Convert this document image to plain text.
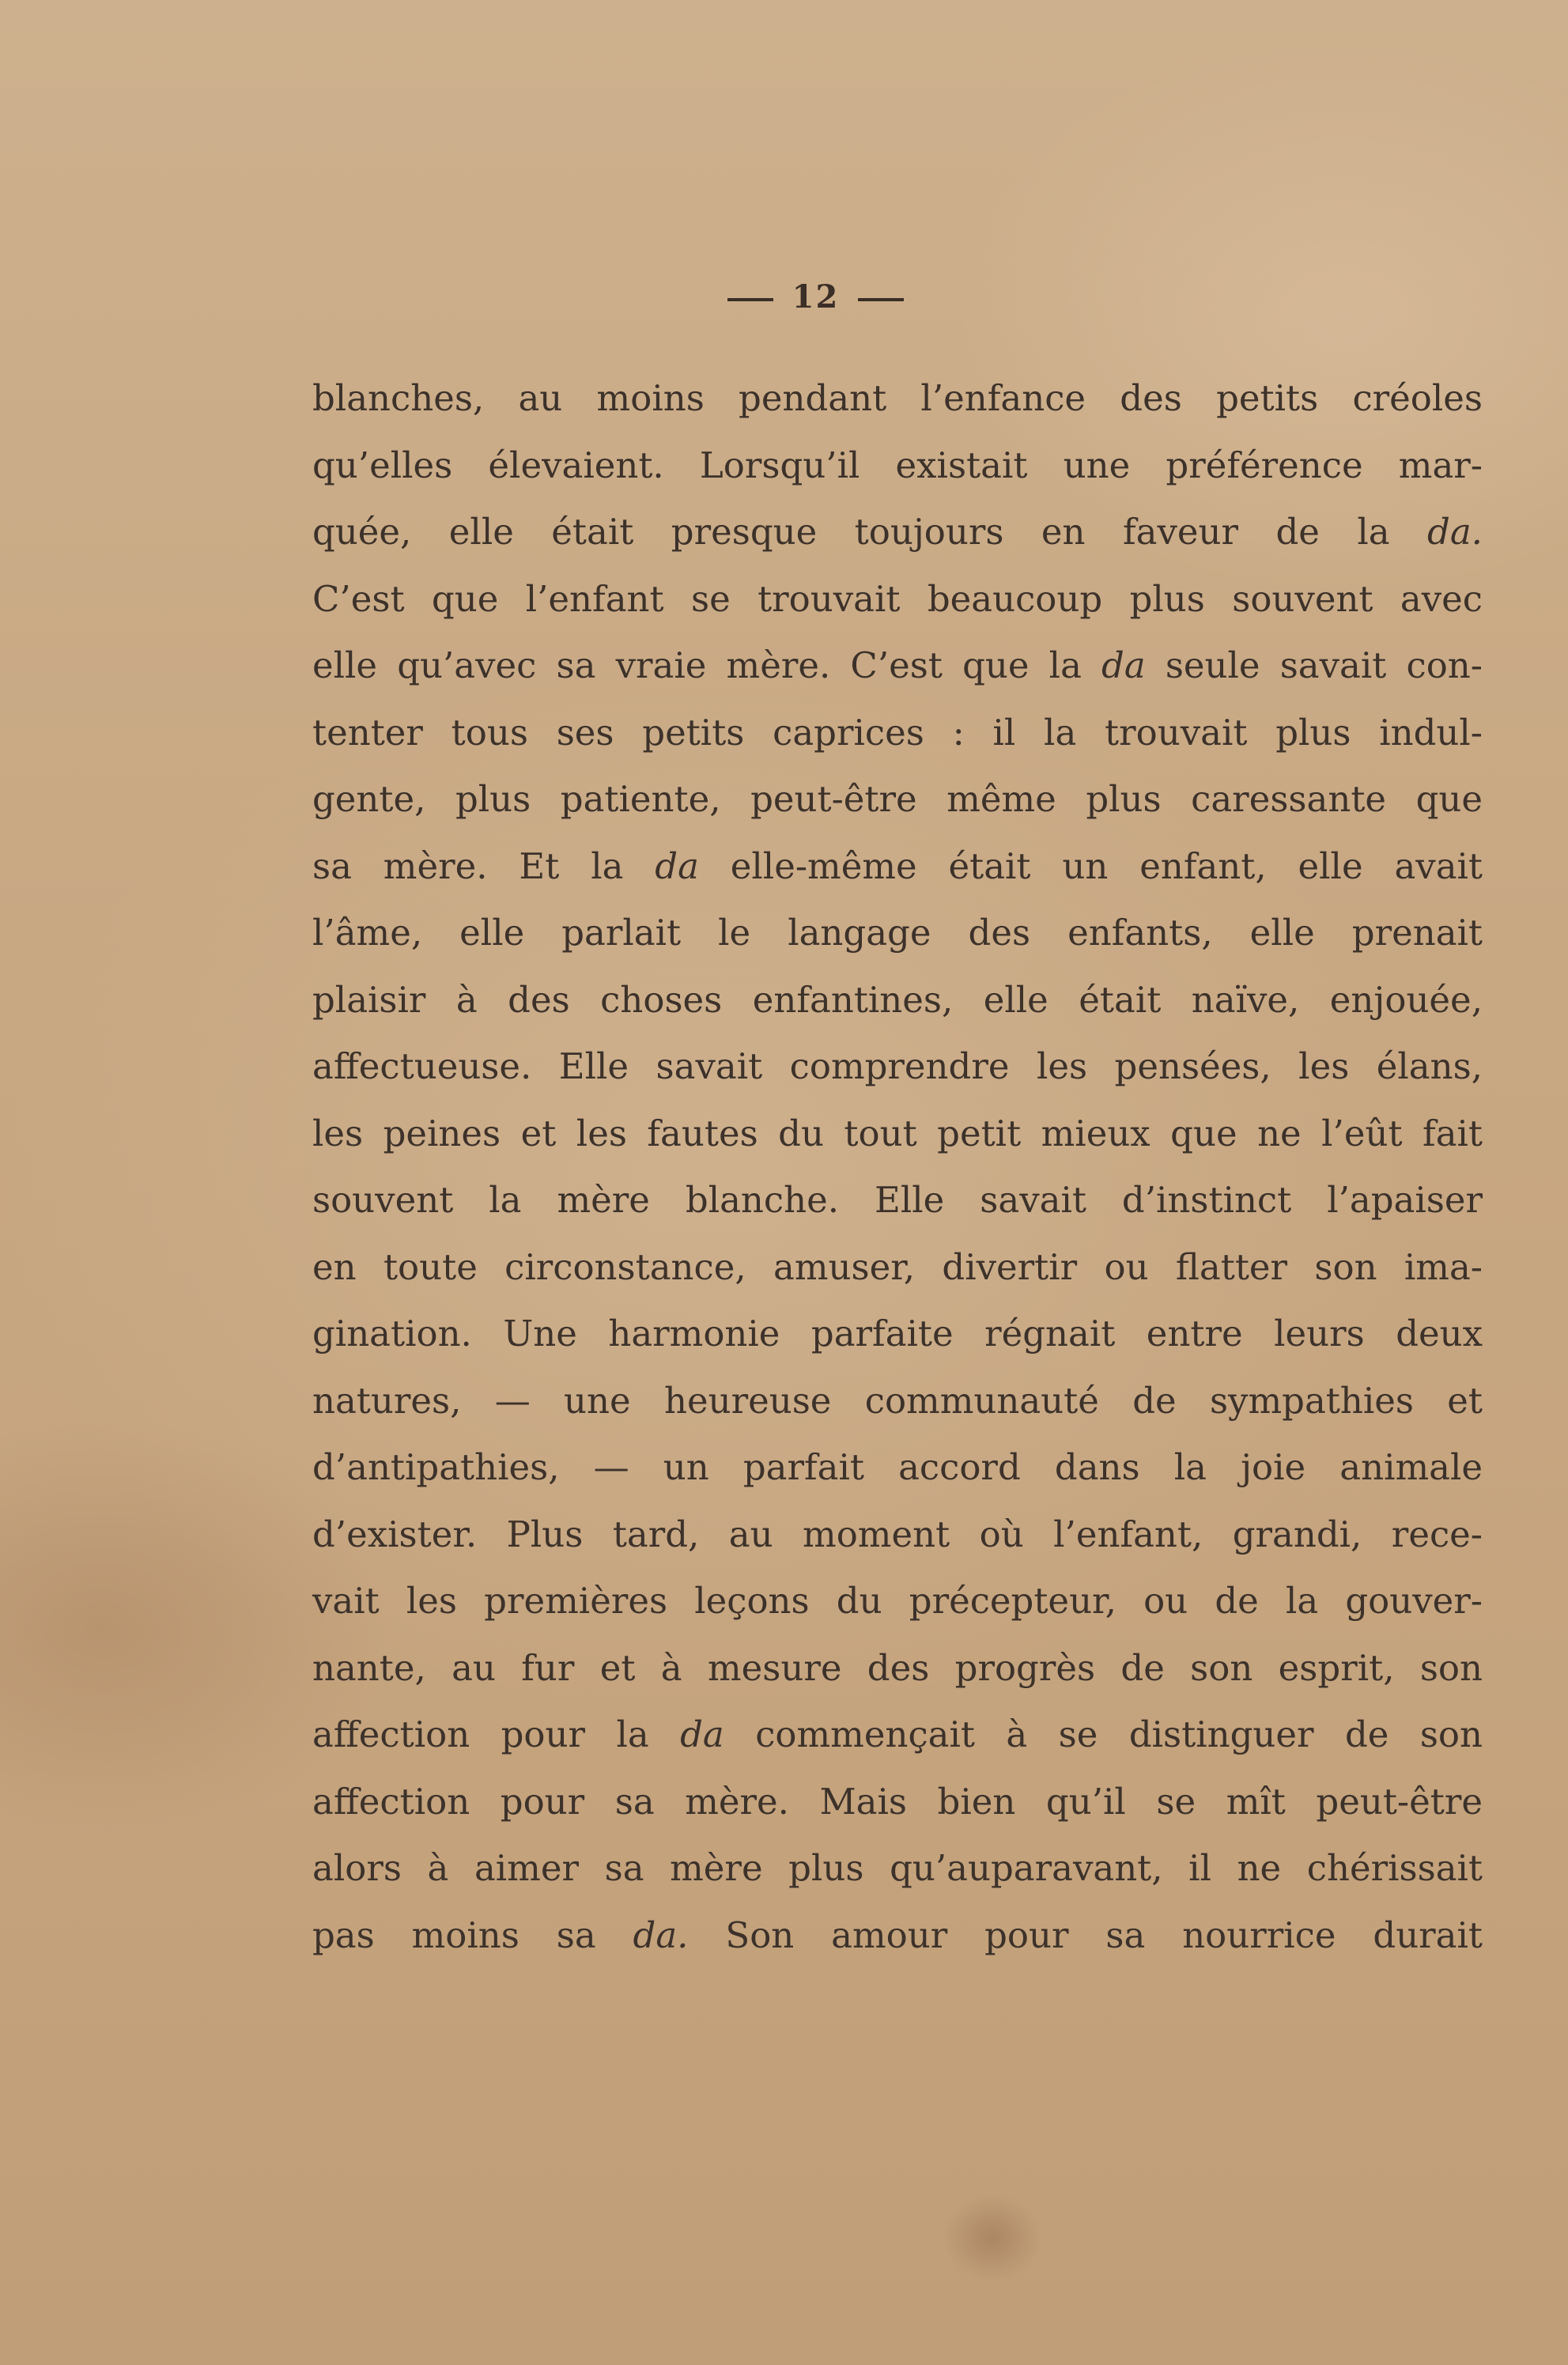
12
blanches, au moins pendant l’enfance des petits créoles
qu’elles élevaient. Lorsqu’il existait une préférence mar-
quée, elle était presque toujours en faveur de la da.
C’est que l’enfant se trouvait beaucoup plus souvent avec
elle qu’avec sa vraie mère. C’est que la da seule savait con-
tenter tous ses petits caprices : il la trouvait plus indul-
gente, plus patiente, peut-être même plus caressante que
sa mère. Et la da elle-même était un enfant, elle avait
l’âme, elle parlait le langage des enfants, elle prenait
plaisir à des choses enfantines, elle était naïve, enjouée,
affectueuse. Elle savait comprendre les pensées, les élans,
les peines et les fautes du tout petit mieux que ne l’eût fait
souvent la mère blanche. Elle savait d’instinct l’apaiser
en toute circonstance, amuser, divertir ou flatter son ima-
gination. Une harmonie parfaite régnait entre leurs deux
natures, — une heureuse communauté de sympathies et
d’antipathies, — un parfait accord dans la joie animale
d’exister. Plus tard, au moment où l’enfant, grandi, rece-
vait les premières leçons du précepteur, ou de la gouver-
nante, au fur et à mesure des progrès de son esprit, son
affection pour la da commençait à se distinguer de son
affection pour sa mère. Mais bien qu’il se mît peut-être
alors à aimer sa mère plus qu’auparavant, il ne chérissait
pas moins sa da. Son amour pour sa nourrice durait
